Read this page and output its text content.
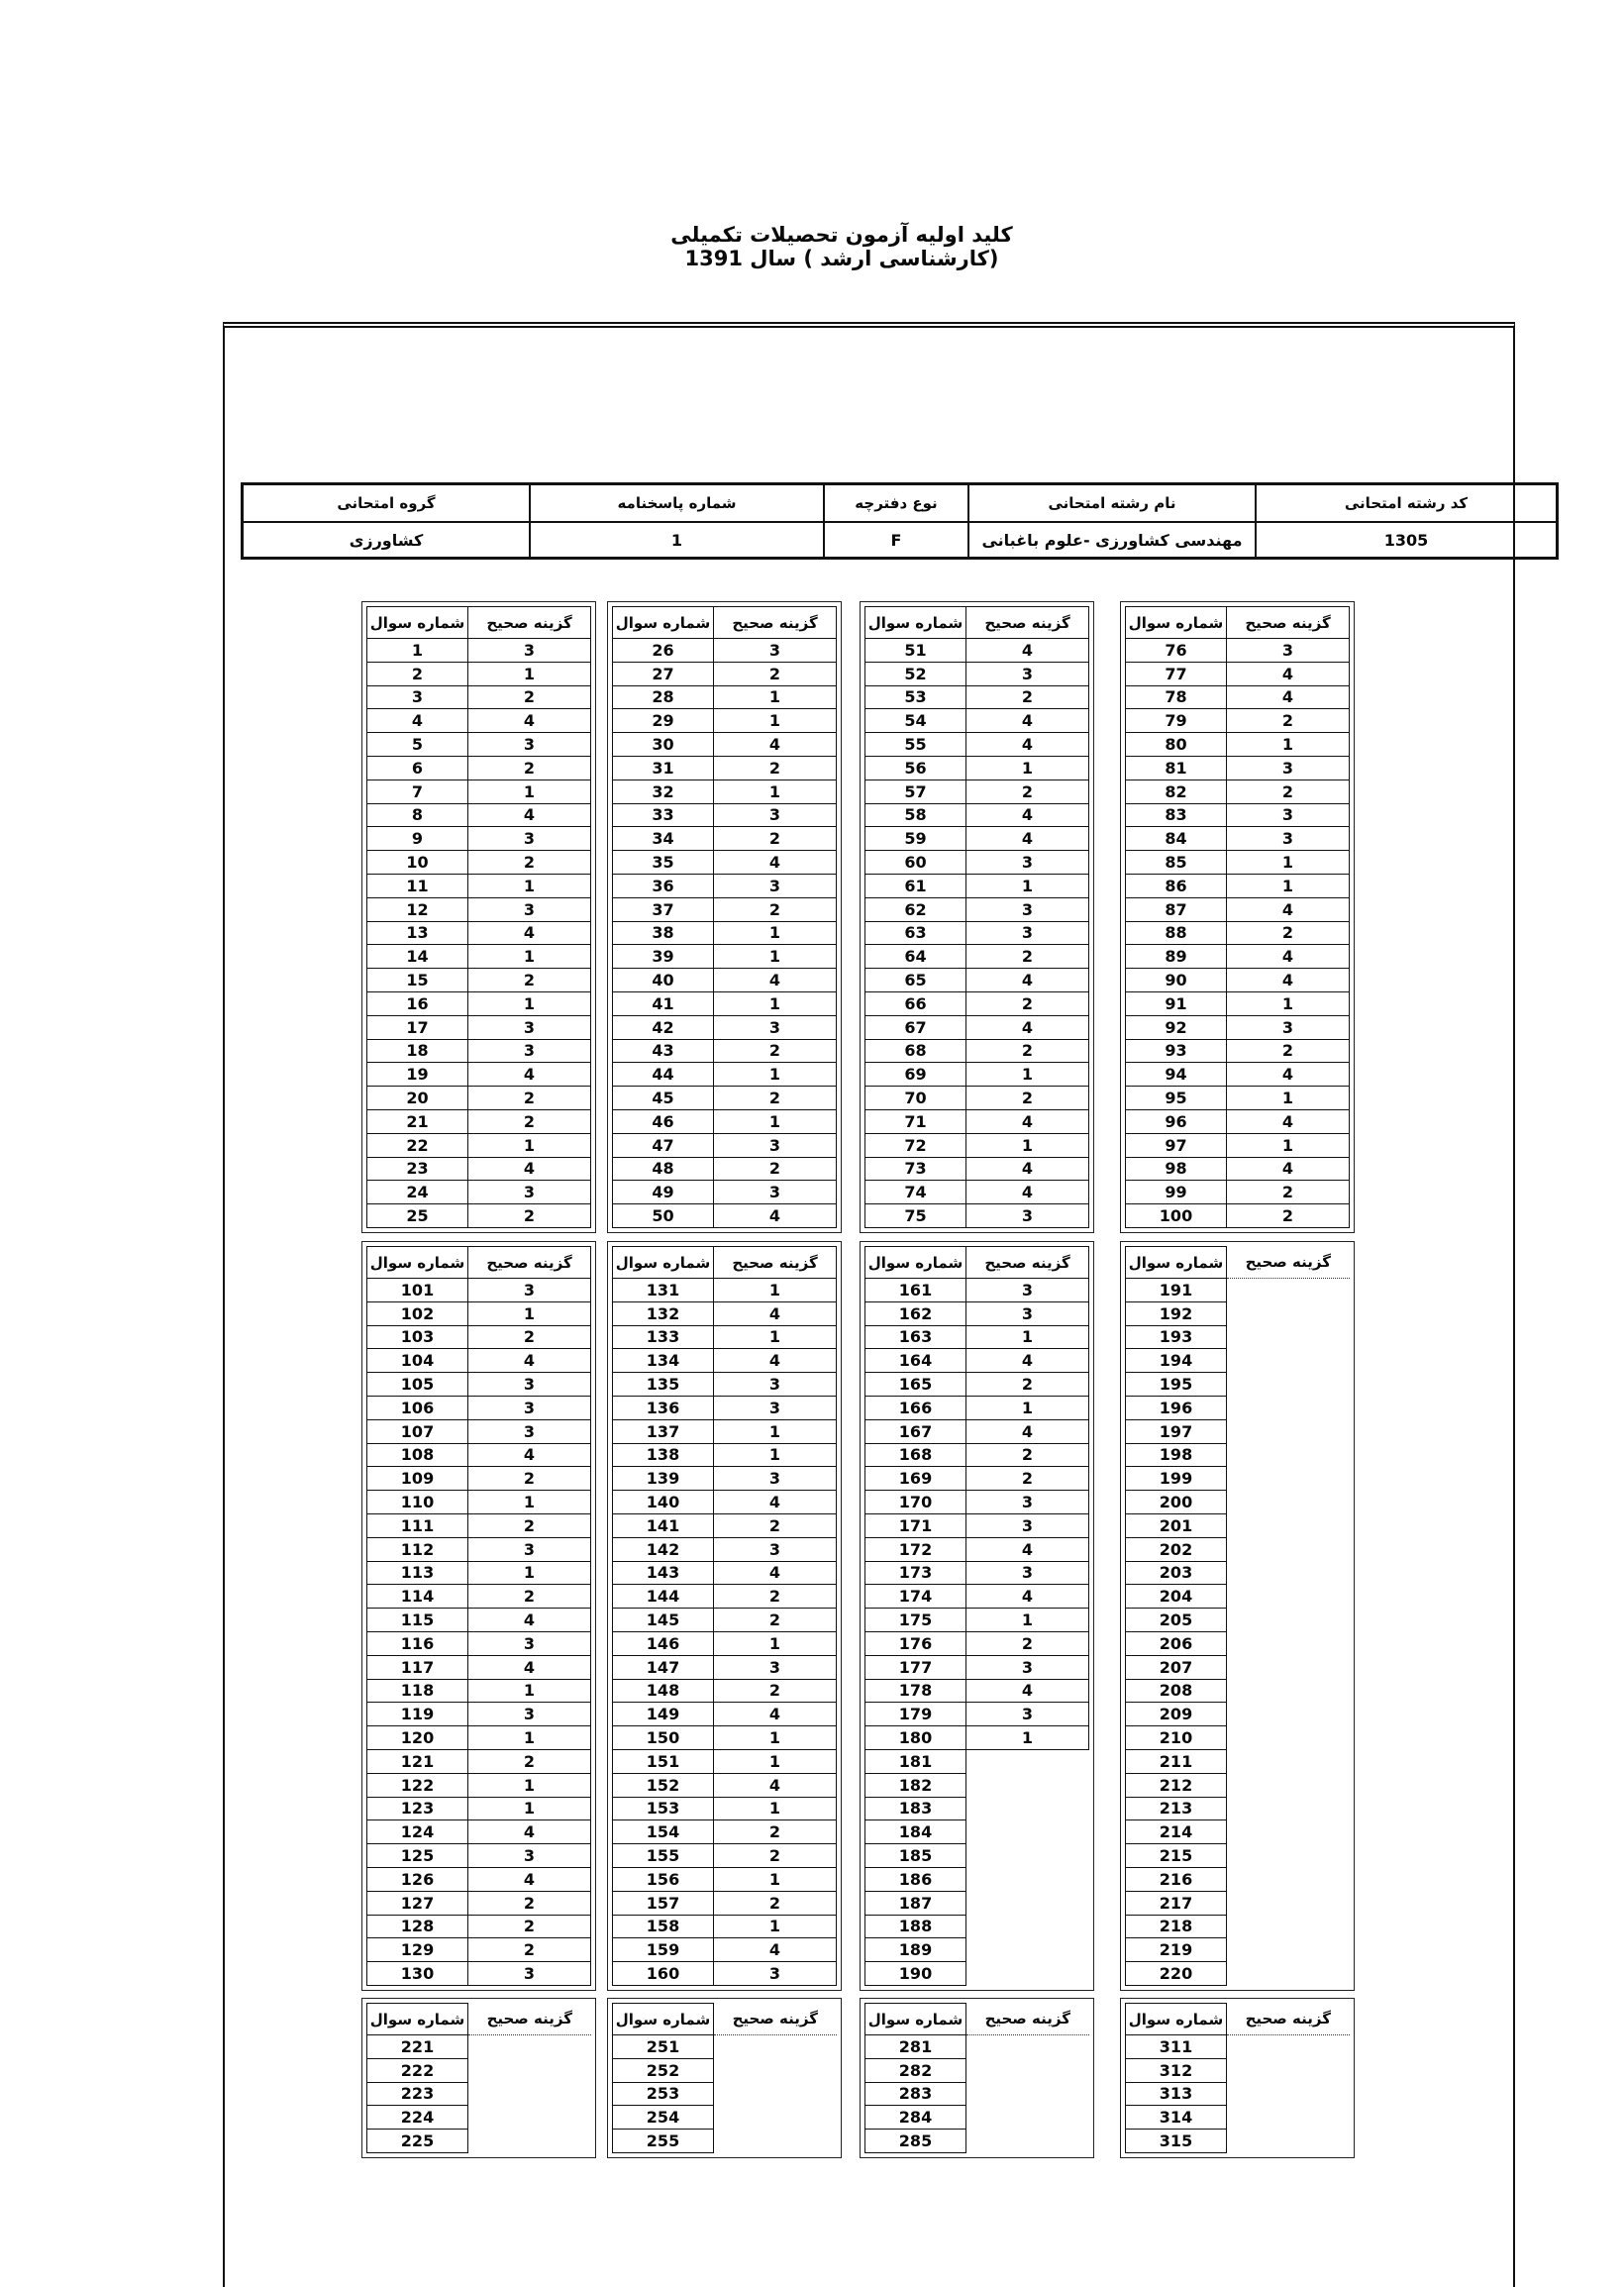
کلید اولیه آزمون تحصیلات تکمیلی (کارشناسی ارشد ) سال 1391
گروه امتحانی	شماره پاسخنامه	نوع دفترچه	نام رشته امتحانی	کد رشته امتحانی
کشاورزی	1	F	مهندسی کشاورزی -علوم باغبانی	1305
شماره سوال	گزینه صحیح
1	3
2	1
3	2
4	4
5	3
6	2
7	1
8	4
9	3
10	2
11	1
12	3
13	4
14	1
15	2
16	1
17	3
18	3
19	4
20	2
21	2
22	1
23	4
24	3
25	2
شماره سوال	گزینه صحیح
26	3
27	2
28	1
29	1
30	4
31	2
32	1
33	3
34	2
35	4
36	3
37	2
38	1
39	1
40	4
41	1
42	3
43	2
44	1
45	2
46	1
47	3
48	2
49	3
50	4
شماره سوال	گزینه صحیح
51	4
52	3
53	2
54	4
55	4
56	1
57	2
58	4
59	4
60	3
61	1
62	3
63	3
64	2
65	4
66	2
67	4
68	2
69	1
70	2
71	4
72	1
73	4
74	4
75	3
شماره سوال	گزینه صحیح
76	3
77	4
78	4
79	2
80	1
81	3
82	2
83	3
84	3
85	1
86	1
87	4
88	2
89	4
90	4
91	1
92	3
93	2
94	4
95	1
96	4
97	1
98	4
99	2
100	2
شماره سوال	گزینه صحیح
101	3
102	1
103	2
104	4
105	3
106	3
107	3
108	4
109	2
110	1
111	2
112	3
113	1
114	2
115	4
116	3
117	4
118	1
119	3
120	1
121	2
122	1
123	1
124	4
125	3
126	4
127	2
128	2
129	2
130	3
شماره سوال	گزینه صحیح
131	1
132	4
133	1
134	4
135	3
136	3
137	1
138	1
139	3
140	4
141	2
142	3
143	4
144	2
145	2
146	1
147	3
148	2
149	4
150	1
151	1
152	4
153	1
154	2
155	2
156	1
157	2
158	1
159	4
160	3
شماره سوال	گزینه صحیح
161	3
162	3
163	1
164	4
165	2
166	1
167	4
168	2
169	2
170	3
171	3
172	4
173	3
174	4
175	1
176	2
177	3
178	4
179	3
180	1
181	
182	
183	
184	
185	
186	
187	
188	
189	
190	
شماره سوال	گزینه صحیح
191	
192	
193	
194	
195	
196	
197	
198	
199	
200	
201	
202	
203	
204	
205	
206	
207	
208	
209	
210	
211	
212	
213	
214	
215	
216	
217	
218	
219	
220	
شماره سوال	گزینه صحیح
221	
222	
223	
224	
225	
شماره سوال	گزینه صحیح
251	
252	
253	
254	
255	
شماره سوال	گزینه صحیح
281	
282	
283	
284	
285	
شماره سوال	گزینه صحیح
311	
312	
313	
314	
315	
